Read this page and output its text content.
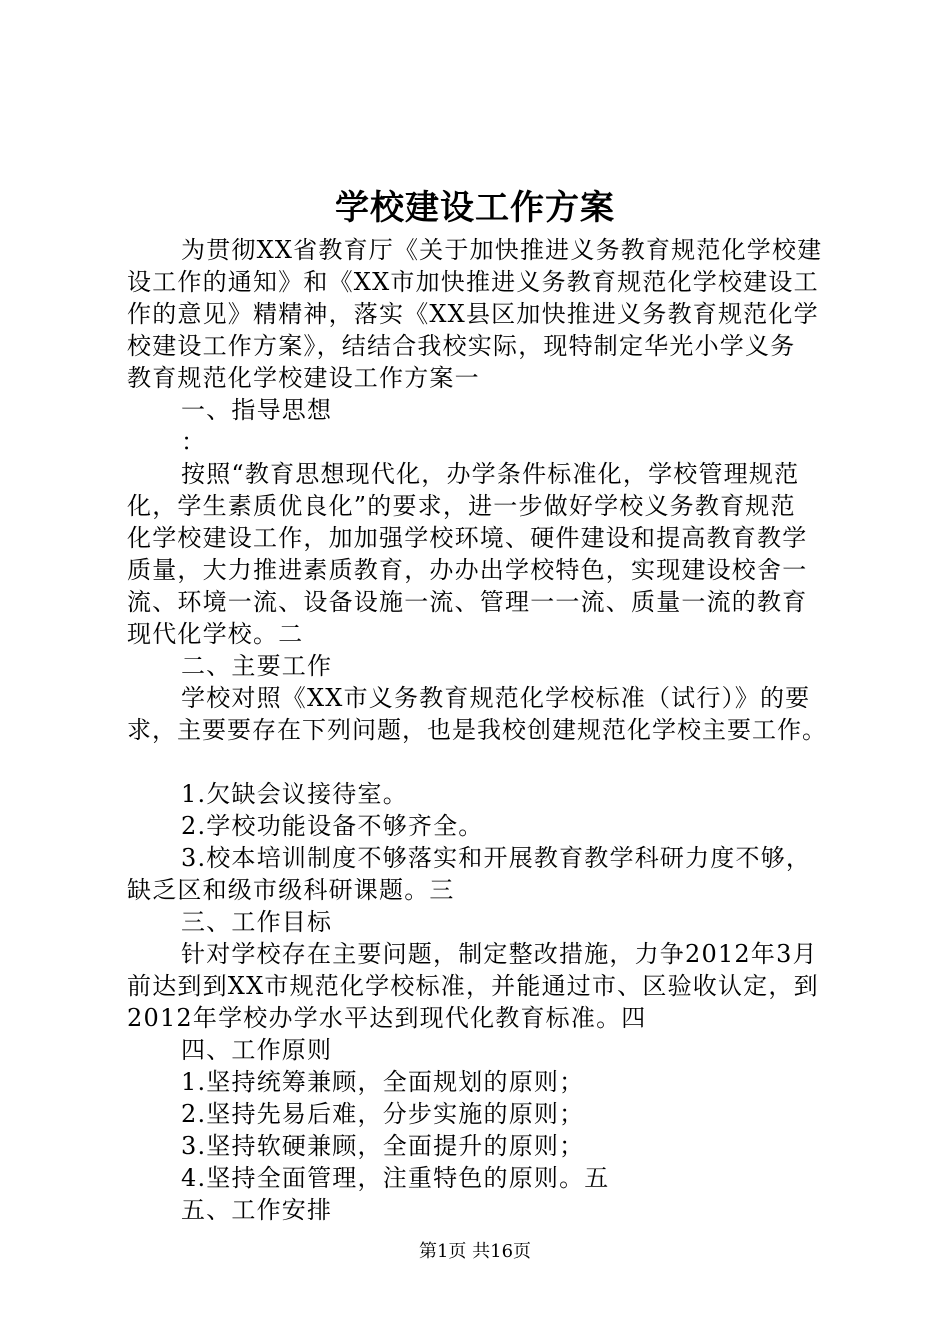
学校建设工作方案
为贯彻XX省教育厅《关于加快推进义务教育规范化学校建
设工作的通知》和《XX市加快推进义务教育规范化学校建设工
作的意见》精精神，落实《XX县区加快推进义务教育规范化学
校建设工作方案》，结结合我校实际，现特制定华光小学义务
教育规范化学校建设工作方案一
一、指导思想
：
按照“教育思想现代化，办学条件标准化，学校管理规范
化，学生素质优良化”的要求，进一步做好学校义务教育规范
化学校建设工作，加加强学校环境、硬件建设和提高教育教学
质量，大力推进素质教育，办办出学校特色，实现建设校舍一
流、环境一流、设备设施一流、管理一一流、质量一流的教育
现代化学校。二
二、主要工作
学校对照《XX市义务教育规范化学校标准（试行）》的要
求，主要要存在下列问题，也是我校创建规范化学校主要工作。
1.欠缺会议接待室。
2.学校功能设备不够齐全。
3.校本培训制度不够落实和开展教育教学科研力度不够，
缺乏区和级市级科研课题。三
三、工作目标
针对学校存在主要问题，制定整改措施，力争2012年3月
前达到到XX市规范化学校标准，并能通过市、区验收认定，到
2012年学校办学水平达到现代化教育标准。四
四、工作原则
1.坚持统筹兼顾，全面规划的原则；
2.坚持先易后难，分步实施的原则；
3.坚持软硬兼顾，全面提升的原则；
4.坚持全面管理，注重特色的原则。五
五、工作安排
第1页 共16页
